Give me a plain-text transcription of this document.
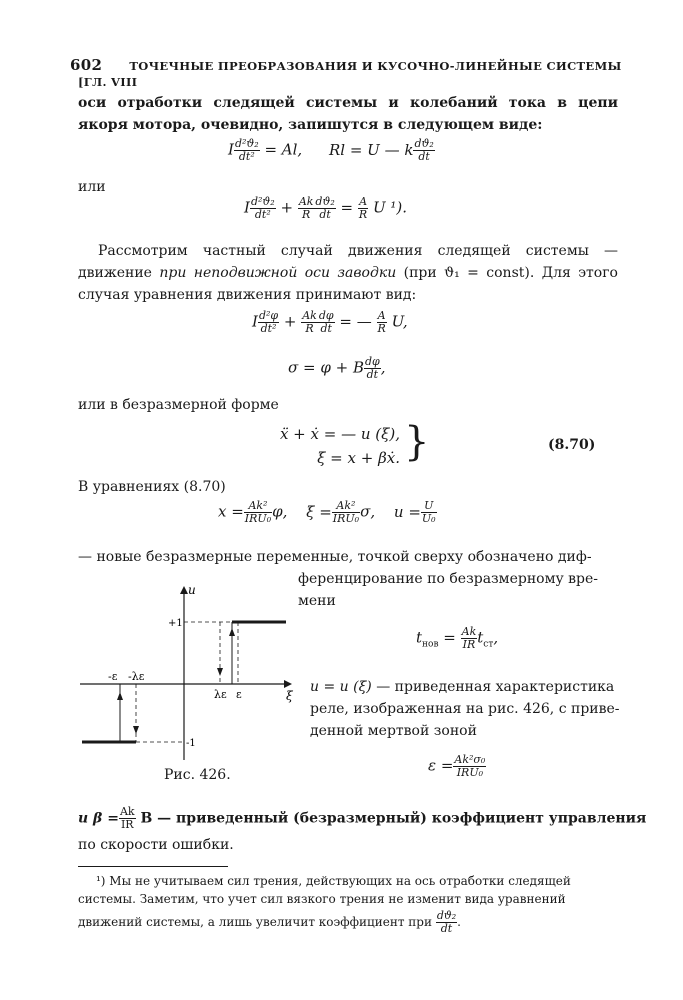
602 ТОЧЕЧНЫЕ ПРЕОБРАЗОВАНИЯ И КУСОЧНО-ЛИНЕЙНЫЕ СИСТЕМЫ [ГЛ. VIII
оси отработки следящей системы и колебаний тока в цепи якоря мотора, очевидно, запишутся в следующем виде:
I $\frac{\text{d²ϑ₂}}{\text{dt²}} = Al$, Rl = U — k $\frac{\text{dϑ₂}}{dt}$
или
I $\frac{\text{d²ϑ₂}}{\text{dt²}} + \frac{Ak}{R} \frac{\text{dϑ₂}}{dt} = \frac{A}{R}$ U ¹).
Рассмотрим частный случай движения следящей системы — движение при неподвижной оси заводки (при ϑ₁ = const). Для этого случая уравнения движения принимают вид:
I $\frac{\text{d²φ}}{\text{dt²}} + \frac{Ak}{R} \frac{d\varphi}{dt}$ = — $\frac{A}{R} U$,
σ = φ + B $\frac{d\varphi}{dt}$ ,
или в безразмерной форме
ẍ + ẋ = — u (ξ),
ξ = x + βẋ. }	(8.70)
В уравнениях (8.70)
x = Ak²
IRU₀ φ, ξ = Ak²
IRU₀ σ, $u = \frac{U}{\text{U₀}}$
— новые безразмерные переменные, точкой сверху обозначено диф-
ференцирование по безразмерному вре-
мени
$t_{нов} = \frac{Ak}{IR} t_{ст}$,
u = u (ξ) — приведенная характеристика
реле, изображенная на рис. 426, с приве-
денной мертвой зоной
ε = Ak²σ₀
IRU₀
u
ξ
+1
-1
-ε -λε
λε ε
Рис. 426.
и $\beta = \frac{Ak}{IR}$ B — приведенный (безразмерный) коэффициент управления
по скорости ошибки.
¹) Мы не учитываем сил трения, действующих на ось отработки следящей
системы. Заметим, что учет сил вязкого трения не изменит вида уравнений
движений системы, а лишь увеличит коэффициент при $\frac{\text{dϑ₂}}{dt}$ .
